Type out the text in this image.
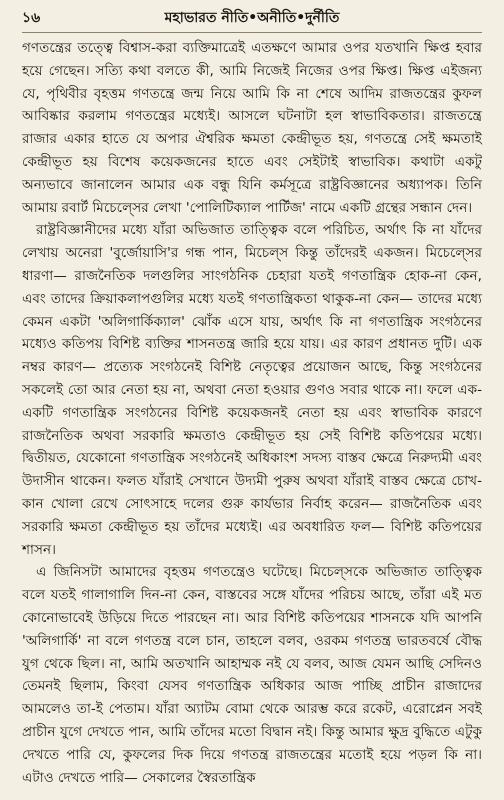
১৬	মহাভারত নীতি•অনীতি•দুর্নীতি

গণতন্ত্রের তত্ত্বে বিশ্বাস-করা ব্যক্তিমাত্রেই এতক্ষণে আমার ওপর যতখানি ক্ষিপ্ত হবার হয়ে গেছেন। সত্যি কথা বলতে কী, আমি নিজেই নিজের ওপর ক্ষিপ্ত। ক্ষিপ্ত এইজন্য যে, পৃথিবীর বৃহত্তম গণতন্ত্রে জন্ম নিয়ে আমি কি না শেষে আদিম রাজতন্ত্রের কুফল আবিষ্কার করলাম গণতন্ত্রের মধ্যেই। আসলে ঘটনাটা হল স্বাভাবিকতার। রাজতন্ত্রে রাজার একার হাতে যে অপার ঐশ্বরিক ক্ষমতা কেন্দ্রীভূত হয়, গণতন্ত্রে সেই ক্ষমতাই কেন্দ্রীভূত হয় বিশেষ কয়েকজনের হাতে এবং সেইটাই স্বাভাবিক। কথাটা একটু অন্যভাবে জানালেন আমার এক বন্ধু যিনি কর্মসূত্রে রাষ্ট্রবিজ্ঞানের অধ্যাপক। তিনি আমায় রবার্ট মিচেল্সের লেখা 'পোলিটিক্যাল পার্টিজ' নামে একটি গ্রন্থের সন্ধান দেন।

রাষ্ট্রবিজ্ঞানীদের মধ্যে যাঁরা অভিজাত তাত্ত্বিক বলে পরিচিত, অর্থাৎ কি না যাঁদের লেখায় অনেরা 'বুর্জোয়াসি'র গন্ধ পান, মিচেল্স কিন্তু তাঁদেরই একজন। মিচেল্সের ধারণা— রাজনৈতিক দলগুলির সাংগঠনিক চেহারা যতই গণতান্ত্রিক হোক-না কেন, এবং তাদের ক্রিয়াকলাপগুলির মধ্যে যতই গণতান্ত্রিকতা থাকুক-না কেন— তাদের মধ্যে কেমন একটা 'অলিগার্কিক্যাল' ঝোঁক এসে যায়, অর্থাৎ কি না গণতান্ত্রিক সংগঠনের মধ্যেও কতিপয় বিশিষ্ট ব্যক্তির শাসনতন্ত্র জারি হয়ে যায়। এর কারণ প্রধানত দুটি। এক নম্বর কারণ— প্রত্যেক সংগঠনেই বিশিষ্ট নেতৃত্বের প্রয়োজন আছে, কিন্তু সংগঠনের সকলেই তো আর নেতা হয় না, অথবা নেতা হওয়ার গুণও সবার থাকে না। ফলে এক-একটি গণতান্ত্রিক সংগঠনের বিশিষ্ট কয়েকজনই নেতা হয় এবং স্বাভাবিক কারণে রাজনৈতিক অথবা সরকারি ক্ষমতাও কেন্দ্রীভূত হয় সেই বিশিষ্ট কতিপয়ের মধ্যে। দ্বিতীয়ত, যেকোনো গণতান্ত্রিক সংগঠনেই অধিকাংশ সদস্য বাস্তব ক্ষেত্রে নিরুদ্যমী এবং উদাসীন থাকেন। ফলত যাঁরাই সেখানে উদ্যমী পুরুষ অথবা যাঁরাই বাস্তব ক্ষেত্রে চোখ-কান খোলা রেখে সোৎসাহে দলের গুরু কার্যভার নির্বাহ করেন— রাজনৈতিক এবং সরকারি ক্ষমতা কেন্দ্রীভূত হয় তাঁদের মধ্যেই। এর অবধারিত ফল— বিশিষ্ট কতিপয়ের শাসন।

এ জিনিসটা আমাদের বৃহত্তম গণতন্ত্রেও ঘটেছে। মিচেল্সকে অভিজাত তাত্ত্বিক বলে যতই গালাগালি দিন-না কেন, বাস্তবের সঙ্গে যাঁদের পরিচয় আছে, তাঁরা এই মত কোনোভাবেই উড়িয়ে দিতে পারছেন না। আর বিশিষ্ট কতিপয়ের শাসনকে যদি আপনি 'অলিগার্কি' না বলে গণতন্ত্র বলে চান, তাহলে বলব, ওরকম গণতন্ত্র ভারতবর্ষে বৌদ্ধ যুগ থেকে ছিল। না, আমি অতখানি আহাম্মক নই যে বলব, আজ যেমন আছি সেদিনও তেমনই ছিলাম, কিংবা যেসব গণতান্ত্রিক অধিকার আজ পাচ্ছি প্রাচীন রাজাদের আমলেও তা-ই পেতাম। যাঁরা অ্যাটম বোমা থেকে আরম্ভ করে রকেট, এরোপ্লেন সবই প্রাচীন যুগে দেখতে পান, আমি তাঁদের মতো বিদ্বান নই। কিন্তু আমার ক্ষুদ্র বুদ্ধিতে এটুকু দেখতে পারি যে, কুফলের দিক দিয়ে গণতন্ত্র রাজতন্ত্রের মতোই হয়ে পড়ল কি না। এটাও দেখতে পারি— সেকালের স্বৈরতান্ত্রিক
